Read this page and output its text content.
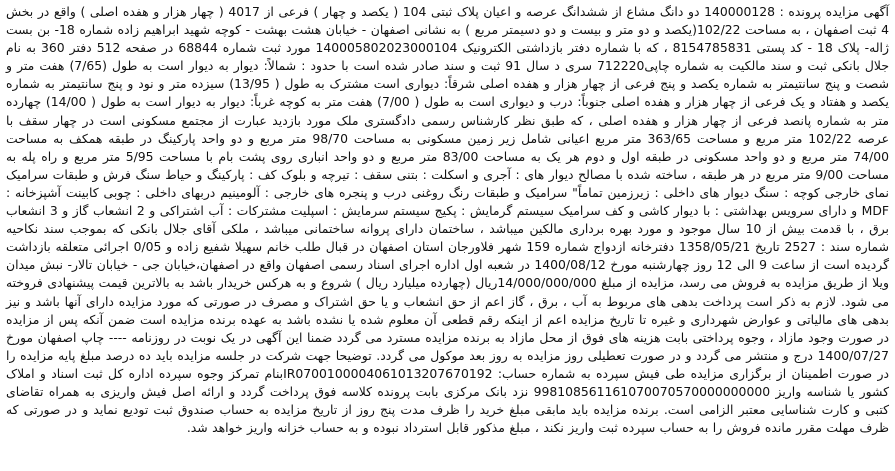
آگهی مزایده پرونده : 140000128 دو دانگ مشاع از ششدانگ عرصه و اعیان پلاک ثبتی 104 ( یکصد و چهار ) فرعی از 4017 ( چهار هزار و هفده اصلی ) واقع در بخش 4 ثبت اصفهان ، به مساحت 102/22(یکصد و دو متر و بیست و دو دسیمتر مربع ) به نشانی اصفهان - خیابان هشت بهشت - کوچه شهید ابراهیم زاده شماره 18- بن بست ژاله- پلاک 18 - کد پستی 8154785831 ، که با شماره دفتر بازداشتی الکترونیک 140005802023000104 مورد ثبت شماره 68844 در صفحه 512 دفتر 360 به نام جلال بانکی ثبت و سند مالکیت به شماره چاپی712220 سری د سال 91 ثبت و سند صادر شده است با حدود : شمالاً: دیوار به دیوار است به طول (7/65) هفت متر و شصت و پنج سانتیمتر به شماره یکصد و پنج فرعی از چهار هزار و هفده اصلی شرقاً: دیواری است مشترک به طول ( 13/95) سیزده متر و نود و پنج سانتیمتر به شماره یکصد و هفتاد و یک فرعی از چهار هزار و هفده اصلی جنوباً: درب و دیواری است به طول ( 7/00) هفت متر به کوچه غرباً: دیوار به دیوار است به طول ( 14/00) چهارده متر به شماره پانصد فرعی از چهار هزار و هفده اصلی ، که طبق نظر کارشناس رسمی دادگستری ملک مورد بازدید عبارت از مجتمع مسکونی است در چهار سقف با عرصه 102/22 متر مربع و مساحت 363/65 متر مربع اعیانی شامل زیر زمین مسکونی به مساحت 98/70 متر مربع و دو واحد پارکینگ در طبقه همکف به مساحت 74/00 متر مربع و دو واحد مسکونی در طبقه اول و دوم هر یک به مساحت 83/00 متر مربع و دو واحد انباری روی پشت بام با مساحت 5/95 متر مربع و راه پله به مساحت 9/00 متر مربع در هر طبقه ، ساخته شده با مصالح دیوار های : آجری و اسکلت : بتنی سقف : تیرچه و بلوک کف : پارکینگ و حیاط سنگ فرش و طبقات سرامیک نمای خارجی کوچه : سنگ دیوار های داخلی : زیرزمین تماماً" سرامیک و طبقات رنگ روغنی درب و پنجره های خارجی : آلومینیم دربهای داخلی : چوبی کابینت آشپزخانه : MDF و دارای سرویس بهداشتی : با دیوار کاشی و کف سرامیک سیستم گرمایش : پکیج سیستم سرمایش : اسپلیت مشترکات : آب اشتراکی و 2 انشعاب گاز و 3 انشعاب برق ، با قدمت بیش از 10 سال موجود و مورد بهره برداری مالکین میباشد ، ساختمان دارای پروانه ساختمانی میباشد ، ملکی آقای جلال بانکی که بموجب سند نکاحیه شماره سند : 2527 تاریخ 1358/05/21 دفترخانه ازدواج شماره 159 شهر فلاورجان استان اصفهان در قبال طلب خانم سهیلا شفیع زاده و 0/05 اجرائی متعلقه بازداشت گردیده است از ساعت 9 الی 12 روز چهارشنبه مورخ 1400/08/12 در شعبه اول اداره اجرای اسناد رسمی اصفهان واقع در اصفهان،خیابان جی - خیابان تالار- نبش میدان ویلا از طریق مزایده به فروش می رسد، مزایده از مبلغ 14/000/000/000ریال (چهارده میلیارد ریال ) شروع و به هرکس خریدار باشد به بالاترین قیمت پیشنهادی فروخته می شود. لازم به ذکر است پرداخت بدهی های مربوط به آب ، برق ، گاز اعم از حق انشعاب و یا حق اشتراک و مصرف در صورتی که مورد مزایده دارای آنها باشد و نیز بدهی های مالیاتی و عوارض شهرداری و غیره تا تاریخ مزایده اعم از اینکه رقم قطعی آن معلوم شده یا نشده باشد به عهده برنده مزایده است ضمن آنکه پس از مزایده در صورت وجود مازاد ، وجوه پرداختی بابت هزینه های فوق از محل مازاد به برنده مزایده مسترد می گردد ضمنا این آگهی در یک نوبت در روزنامه ---- چاپ اصفهان مورخ 1400/07/27 درج و منتشر می گردد و در صورت تعطیلی روز مزایده به روز بعد موکول می گردد. توضیحا جهت شرکت در جلسه مزایده باید ده درصد مبلغ پایه مزایده را در صورت اطمینان از برگزاری مزایده طی فیش سپرده به شماره حساب: IR0700100004061013207670192بنام تمرکز وجوه سپرده اداره کل ثبت اسناد و املاک کشور یا شناسه واریز 998108561161070070570000000000 نزد بانک مرکزی بابت پرونده کلاسه فوق پرداخت گردد و ارائه اصل فیش واریزی به همراه تقاضای کتبی و کارت شناسایی معتبر الزامی است. برنده مزایده باید مابقی مبلغ خرید را ظرف مدت پنج روز از تاریخ مزایده به حساب صندوق ثبت تودیع نماید و در صورتی که ظرف مهلت مقرر مانده فروش را به حساب سپرده ثبت واریز نکند ، مبلغ مذکور قابل استرداد نبوده و به حساب خزانه واریز خواهد شد.
